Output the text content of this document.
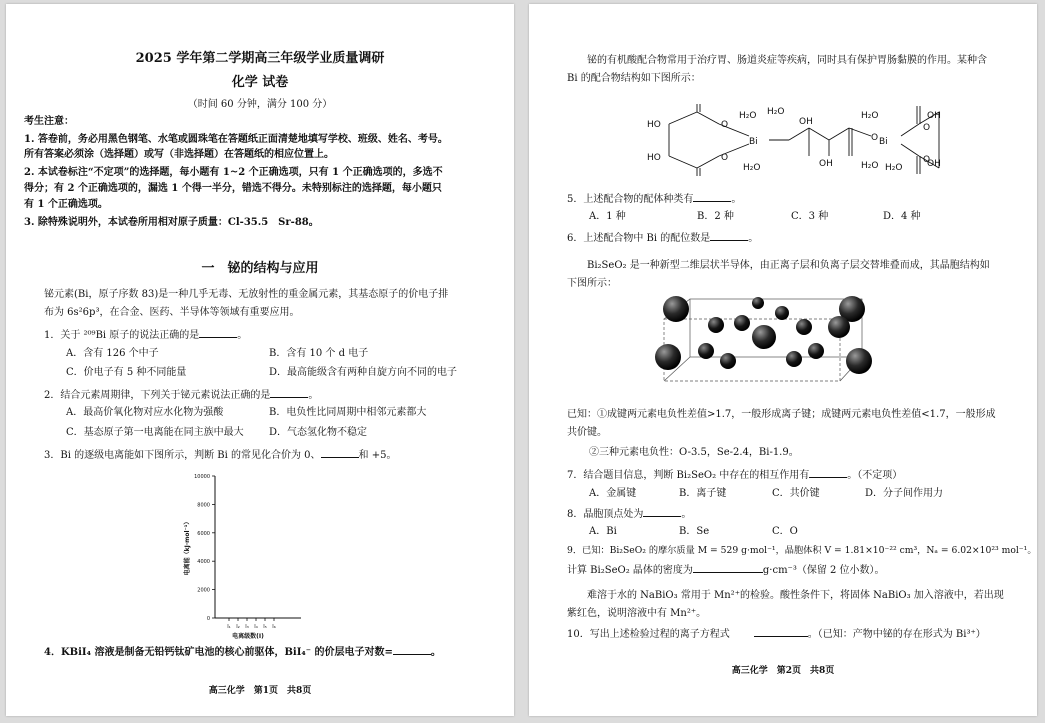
2025 学年第二学期高三年级学业质量调研
化学 试卷
（时间 60 分钟，满分 100 分）
考生注意：
1. 答卷前，务必用黑色钢笔、水笔或圆珠笔在答题纸正面清楚地填写学校、班级、姓名、考号。
所有答案必须涂（选择题）或写（非选择题）在答题纸的相应位置上。
2. 本试卷标注“不定项”的选择题，每小题有 1~2 个正确选项，只有 1 个正确选项的，多选不
得分；有 2 个正确选项的，漏选 1 个得一半分，错选不得分。未特别标注的选择题，每小题只
有 1 个正确选项。
3. 除特殊说明外，本试卷所用相对原子质量：Cl-35.5　Sr-88。
一　铋的结构与应用
铋元素(Bi，原子序数 83)是一种几乎无毒、无放射性的重金属元素，其基态原子的价电子排
布为 6s²6p³，在合金、医药、半导体等领域有重要应用。
1．关于 ²⁰⁹Bi 原子的说法正确的是	。
A．含有 126 个中子	B．含有 10 个 d 电子
C．价电子有 5 种不同能量	D．最高能级含有两种自旋方向不同的电子
2．结合元素周期律，下列关于铋元素说法正确的是	。
A．最高价氧化物对应水化物为强酸	B．电负性比同周期中相邻元素都大
C．基态原子第一电离能在同主族中最大	D．气态氢化物不稳定
3．Bi 的逐级电离能如下图所示，判断 Bi 的常见化合价为 0、	和 +5。
10000
8000
6000
4000
2000
0
I₁ I₂ I₃ I₄ I₅ I₆
电离级数(I)
电离能（kJ·mol⁻¹）
4．KBiI₄ 溶液是制备无铅钙钛矿电池的核心前驱体，BiI₄⁻ 的价层电子对数=	。
高三化学　第1页　共8页
铋的有机酸配合物常用于治疗胃、肠道炎症等疾病，同时具有保护胃肠黏膜的作用。某种含
Bi 的配合物结构如下图所示：
HO
HO
O
O
Bi
H₂O H₂O
H₂O
OH
OH
O Bi
H₂O
H₂O H₂O
O
O
OH
OH
5．上述配合物的配体种类有	。
A．1 种	B．2 种	C．3 种	D．4 种
6．上述配合物中 Bi 的配位数是	。
Bi₂SeO₂ 是一种新型二维层状半导体，由正离子层和负离子层交替堆叠而成，其晶胞结构如
下图所示：
已知：①成键两元素电负性差值>1.7，一般形成离子键；成键两元素电负性差值<1.7，一般形成
共价键。
②三种元素电负性：O-3.5，Se-2.4，Bi-1.9。
7．结合题目信息，判断 Bi₂SeO₂ 中存在的相互作用有	。（不定项）
A．金属键	B．离子键	C．共价键	D．分子间作用力
8．晶胞顶点处为	。
A．Bi	B．Se	C．O
9．已知：Bi₂SeO₂ 的摩尔质量 M = 529 g·mol⁻¹，晶胞体积 V = 1.81×10⁻²² cm³，Nₐ = 6.02×10²³ mol⁻¹。
计算 Bi₂SeO₂ 晶体的密度为	g·cm⁻³（保留 2 位小数）。
难溶于水的 NaBiO₃ 常用于 Mn²⁺的检验。酸性条件下，将固体 NaBiO₃ 加入溶液中，若出现
紫红色，说明溶液中有 Mn²⁺。
10．写出上述检验过程的离子方程式	。（已知：产物中铋的存在形式为 Bi³⁺）
高三化学　第2页　共8页
